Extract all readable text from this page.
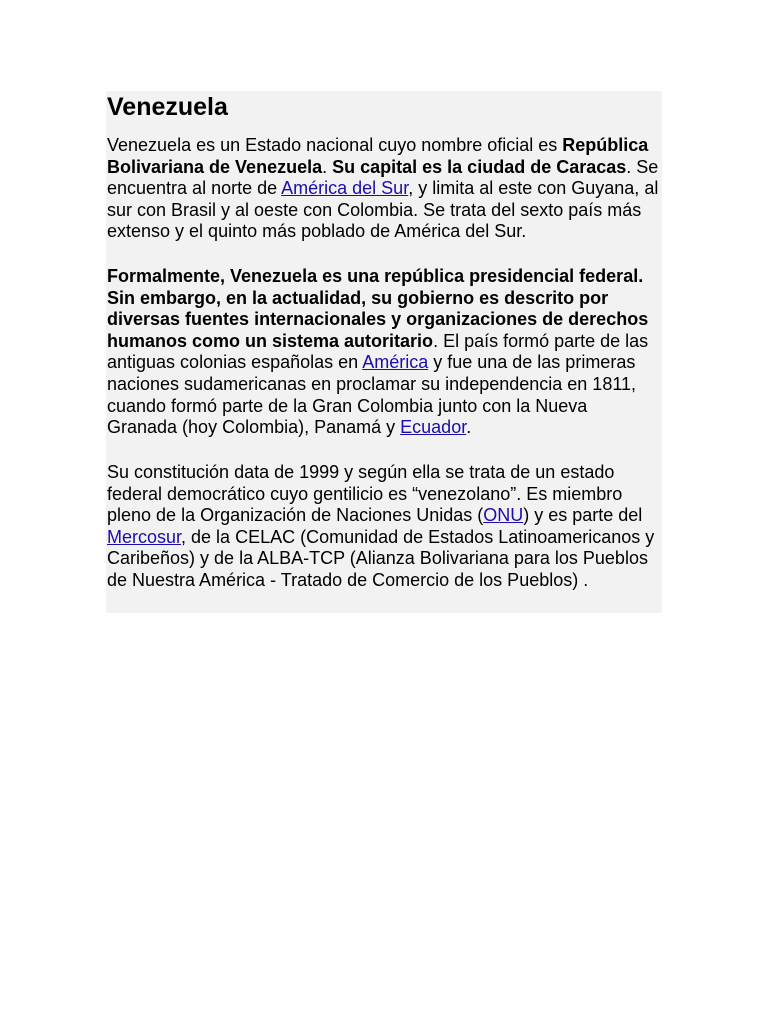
Venezuela

Venezuela es un Estado nacional cuyo nombre oficial es República Bolivariana de Venezuela. Su capital es la ciudad de Caracas. Se encuentra al norte de América del Sur, y limita al este con Guyana, al sur con Brasil y al oeste con Colombia. Se trata del sexto país más extenso y el quinto más poblado de América del Sur.

Formalmente, Venezuela es una república presidencial federal. Sin embargo, en la actualidad, su gobierno es descrito por diversas fuentes internacionales y organizaciones de derechos humanos como un sistema autoritario. El país formó parte de las antiguas colonias españolas en América y fue una de las primeras naciones sudamericanas en proclamar su independencia en 1811, cuando formó parte de la Gran Colombia junto con la Nueva Granada (hoy Colombia), Panamá y Ecuador.

Su constitución data de 1999 y según ella se trata de un estado federal democrático cuyo gentilicio es “venezolano”. Es miembro pleno de la Organización de Naciones Unidas (ONU) y es parte del Mercosur, de la CELAC (Comunidad de Estados Latinoamericanos y Caribeños) y de la ALBA-TCP (Alianza Bolivariana para los Pueblos de Nuestra América - Tratado de Comercio de los Pueblos) .
